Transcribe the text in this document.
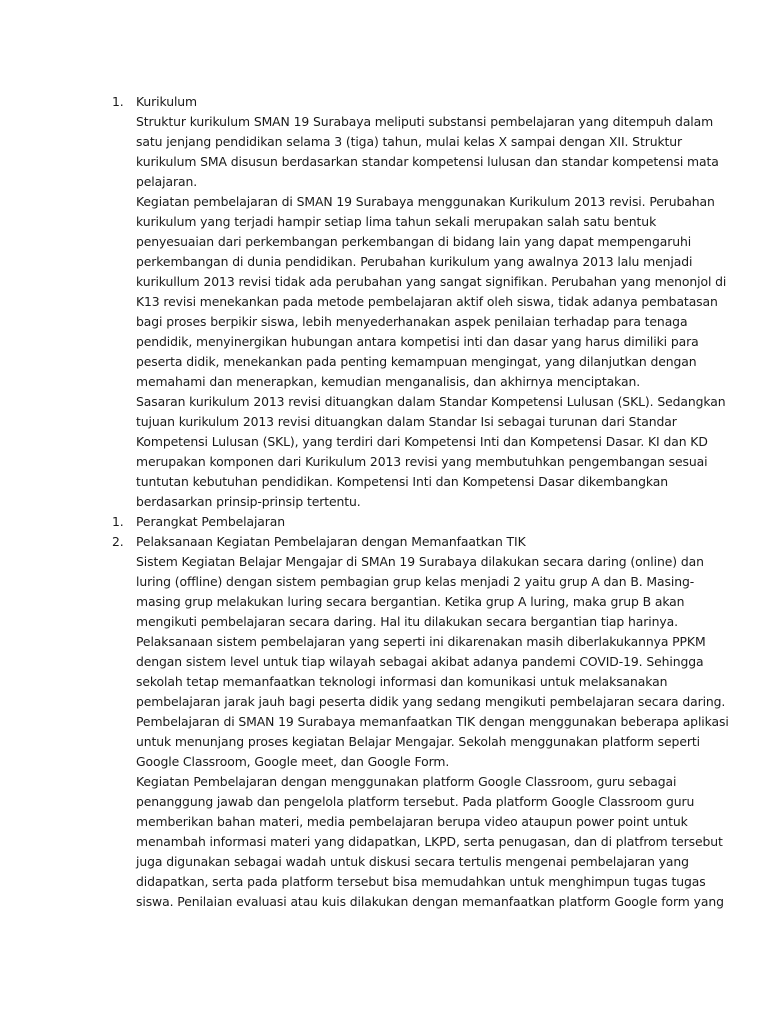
1. Kurikulum
Struktur kurikulum SMAN 19 Surabaya meliputi substansi pembelajaran yang ditempuh dalam
satu jenjang pendidikan selama 3 (tiga) tahun, mulai kelas X sampai dengan XII. Struktur
kurikulum SMA disusun berdasarkan standar kompetensi lulusan dan standar kompetensi mata
pelajaran.
Kegiatan pembelajaran di SMAN 19 Surabaya menggunakan Kurikulum 2013 revisi. Perubahan
kurikulum yang terjadi hampir setiap lima tahun sekali merupakan salah satu bentuk
penyesuaian dari perkembangan perkembangan di bidang lain yang dapat mempengaruhi
perkembangan di dunia pendidikan. Perubahan kurikulum yang awalnya 2013 lalu menjadi
kurikullum 2013 revisi tidak ada perubahan yang sangat signifikan. Perubahan yang menonjol di
K13 revisi menekankan pada metode pembelajaran aktif oleh siswa, tidak adanya pembatasan
bagi proses berpikir siswa, lebih menyederhanakan aspek penilaian terhadap para tenaga
pendidik, menyinergikan hubungan antara kompetisi inti dan dasar yang harus dimiliki para
peserta didik, menekankan pada penting kemampuan mengingat, yang dilanjutkan dengan
memahami dan menerapkan, kemudian menganalisis, dan akhirnya menciptakan.
Sasaran kurikulum 2013 revisi dituangkan dalam Standar Kompetensi Lulusan (SKL). Sedangkan
tujuan kurikulum 2013 revisi dituangkan dalam Standar Isi sebagai turunan dari Standar
Kompetensi Lulusan (SKL), yang terdiri dari Kompetensi Inti dan Kompetensi Dasar. KI dan KD
merupakan komponen dari Kurikulum 2013 revisi yang membutuhkan pengembangan sesuai
tuntutan kebutuhan pendidikan. Kompetensi Inti dan Kompetensi Dasar dikembangkan
berdasarkan prinsip-prinsip tertentu.
1. Perangkat Pembelajaran
2. Pelaksanaan Kegiatan Pembelajaran dengan Memanfaatkan TIK
Sistem Kegiatan Belajar Mengajar di SMAn 19 Surabaya dilakukan secara daring (online) dan
luring (offline) dengan sistem pembagian grup kelas menjadi 2 yaitu grup A dan B. Masing-
masing grup melakukan luring secara bergantian. Ketika grup A luring, maka grup B akan
mengikuti pembelajaran secara daring. Hal itu dilakukan secara bergantian tiap harinya.
Pelaksanaan sistem pembelajaran yang seperti ini dikarenakan masih diberlakukannya PPKM
dengan sistem level untuk tiap wilayah sebagai akibat adanya pandemi COVID-19. Sehingga
sekolah tetap memanfaatkan teknologi informasi dan komunikasi untuk melaksanakan
pembelajaran jarak jauh bagi peserta didik yang sedang mengikuti pembelajaran secara daring.
Pembelajaran di SMAN 19 Surabaya memanfaatkan TIK dengan menggunakan beberapa aplikasi
untuk menunjang proses kegiatan Belajar Mengajar. Sekolah menggunakan platform seperti
Google Classroom, Google meet, dan Google Form.
Kegiatan Pembelajaran dengan menggunakan platform Google Classroom, guru sebagai
penanggung jawab dan pengelola platform tersebut. Pada platform Google Classroom guru
memberikan bahan materi, media pembelajaran berupa video ataupun power point untuk
menambah informasi materi yang didapatkan, LKPD, serta penugasan, dan di platfrom tersebut
juga digunakan sebagai wadah untuk diskusi secara tertulis mengenai pembelajaran yang
didapatkan, serta pada platform tersebut bisa memudahkan untuk menghimpun tugas tugas
siswa. Penilaian evaluasi atau kuis dilakukan dengan memanfaatkan platform Google form yang
